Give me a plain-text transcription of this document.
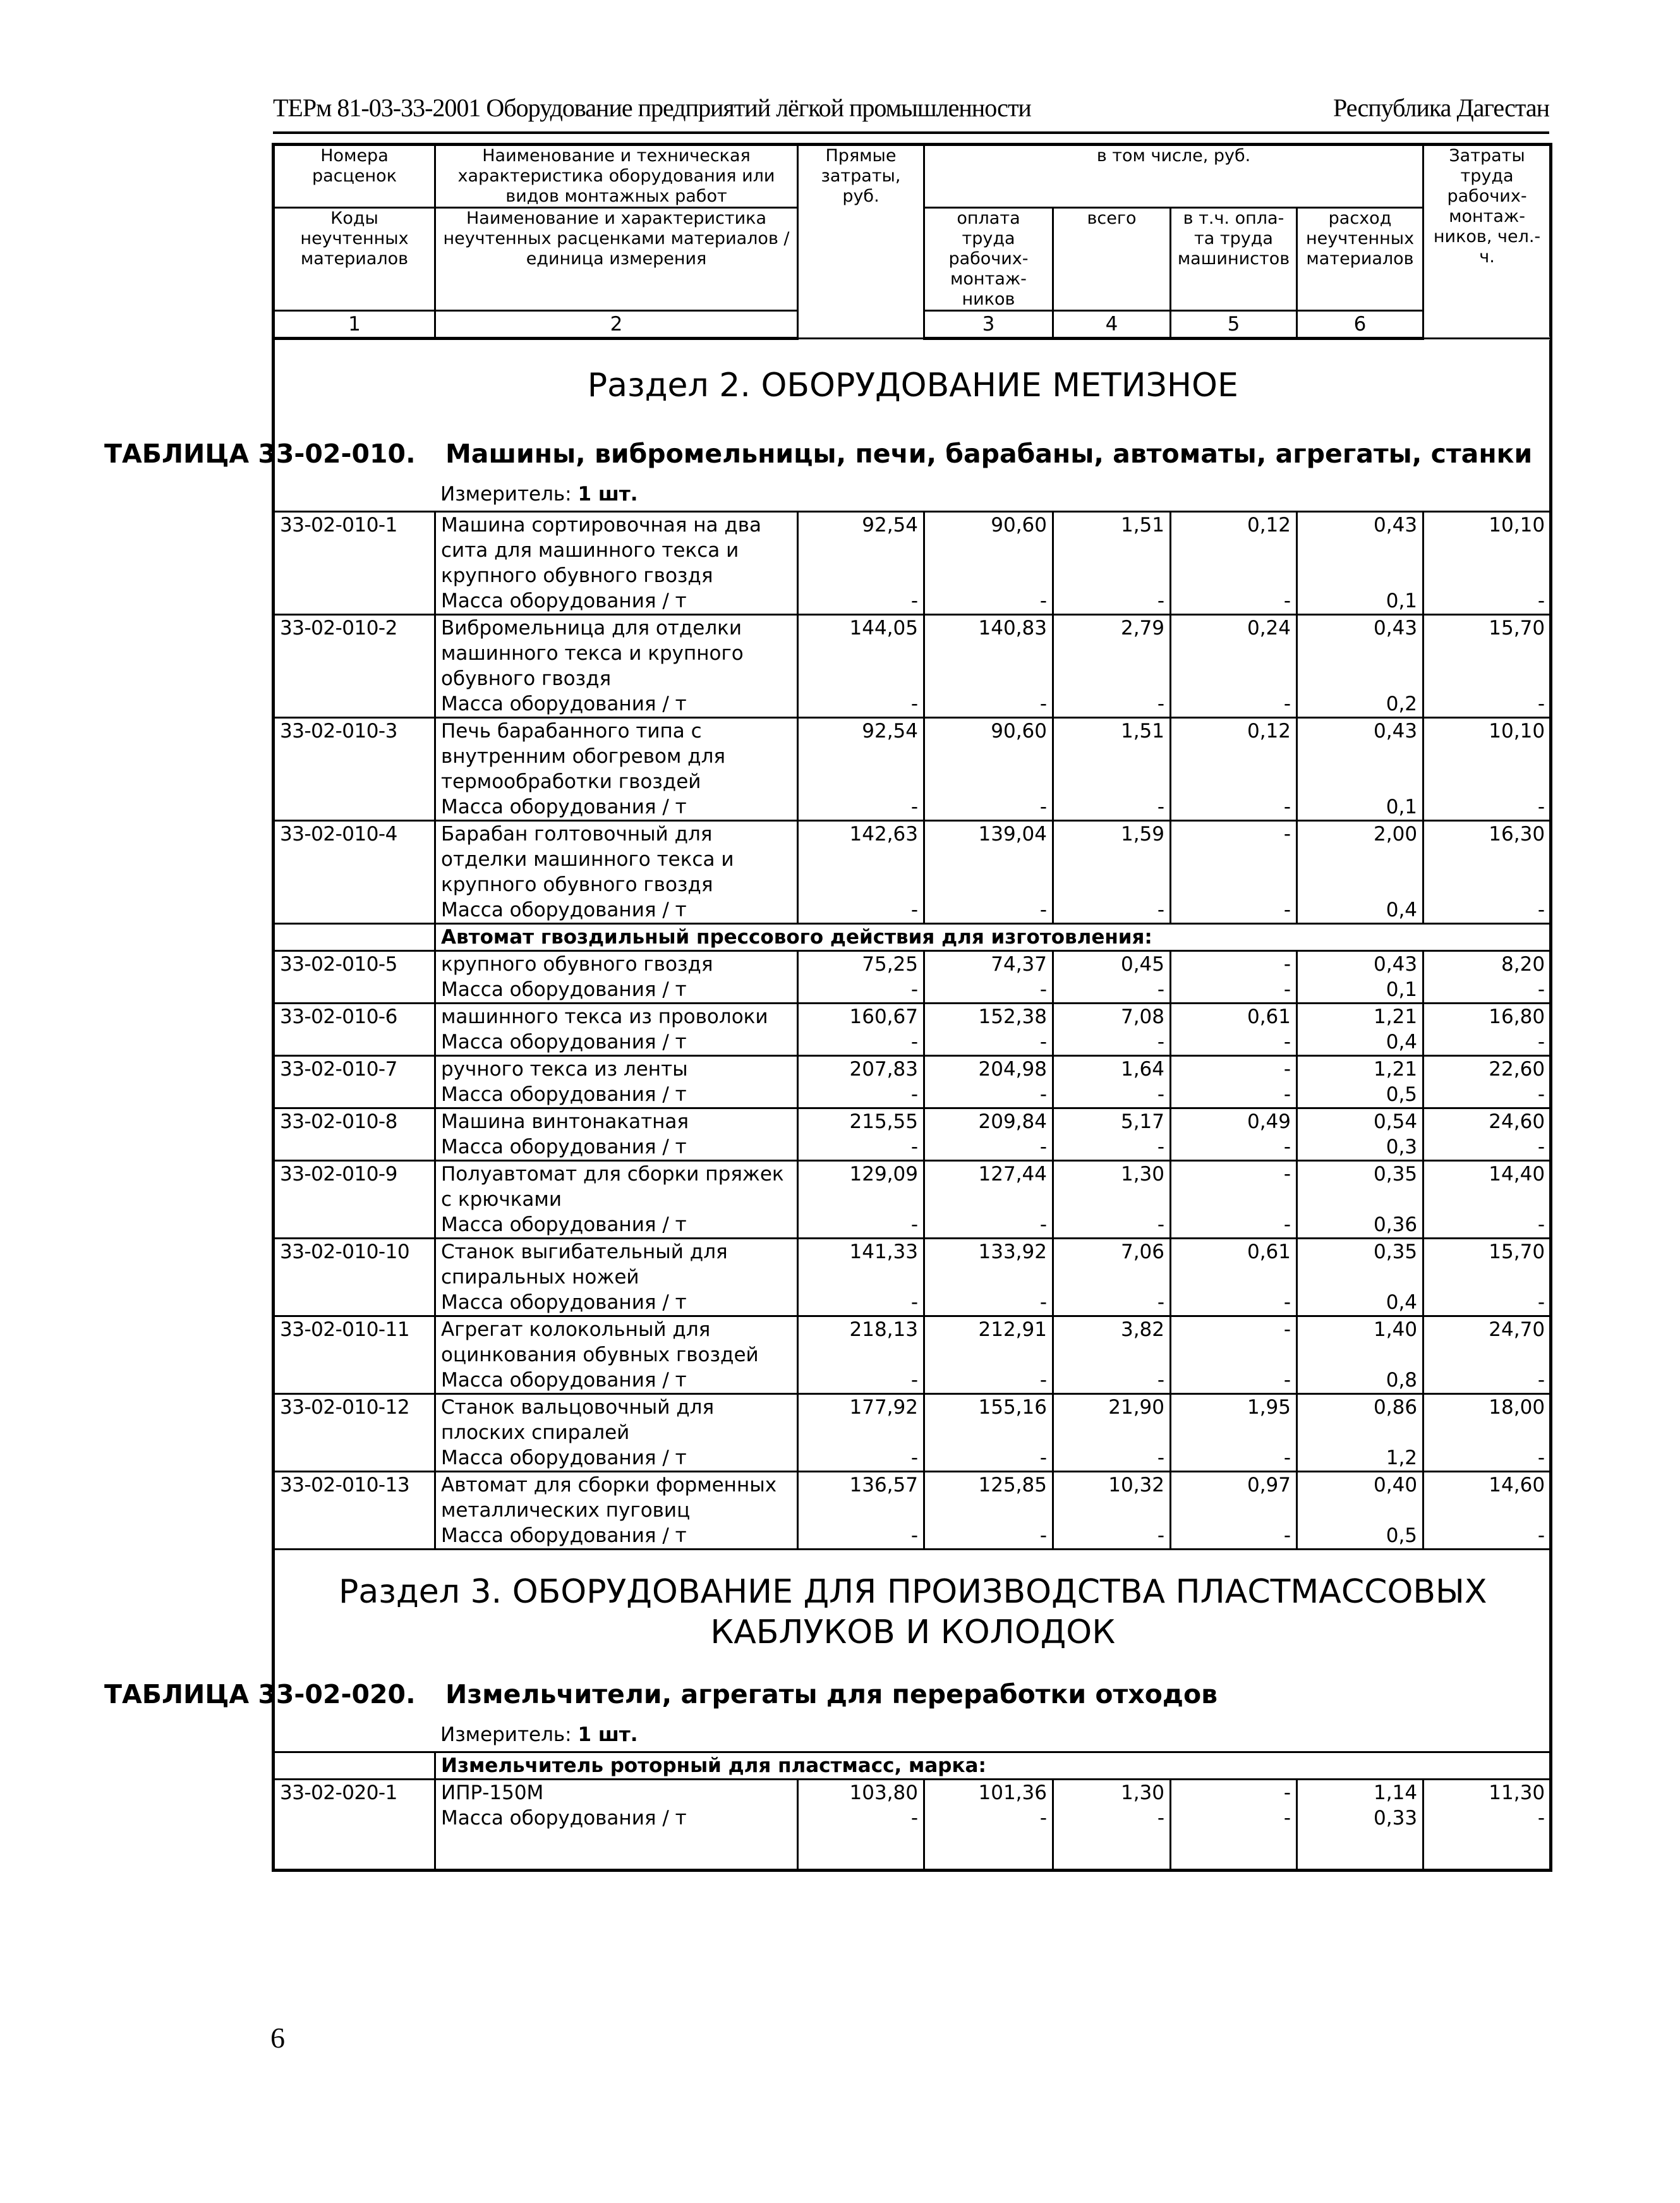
ТЕРм 81-03-33-2001 Оборудование предприятий лёгкой промышленности	Республика Дагестан
Номера расценок	Наименование и техническая характеристика оборудования или видов монтажных работ	Прямые затраты, руб.	в том числе, руб.				Затраты труда рабочих-монтаж-ников, чел.-ч.	
Коды неучтенных материалов	Наименование и характеристика неучтенных расценками материалов / единица измерения		оплата труда рабочих-монтаж-ников	всего	в т.ч. опла-та труда машинистов	расход неучтенных материалов		
1	2		3	4	5	6		

Раздел 2. ОБОРУДОВАНИЕ МЕТИЗНОЕ
ТАБЛИЦА 33-02-010. Машины, вибромельницы, печи, барабаны, автоматы, агрегаты, станки
Измеритель: 1 шт.								

33-02-010-1	Машина сортировочная на два сита для машинного текса и крупного обувного гвоздя	92,54	90,60	1,51	0,12	0,43	10,10	
	Масса оборудования / т	-	-	-	-	0,1	-	
33-02-010-2	Вибромельница для отделки машинного текса и крупного обувного гвоздя	144,05	140,83	2,79	0,24	0,43	15,70	
	Масса оборудования / т	-	-	-	-	0,2	-	
33-02-010-3	Печь барабанного типа с внутренним обогревом для термообработки гвоздей	92,54	90,60	1,51	0,12	0,43	10,10	
	Масса оборудования / т	-	-	-	-	0,1	-	
33-02-010-4	Барабан голтовочный для отделки машинного текса и крупного обувного гвоздя	142,63	139,04	1,59	-	2,00	16,30	
	Масса оборудования / т	-	-	-	-	0,4	-	
	Автомат гвоздильный прессового действия для изготовления:							
33-02-010-5	крупного обувного гвоздя	75,25	74,37	0,45	-	0,43	8,20	
	Масса оборудования / т	-	-	-	-	0,1	-	
33-02-010-6	машинного текса из проволоки	160,67	152,38	7,08	0,61	1,21	16,80	
	Масса оборудования / т	-	-	-	-	0,4	-	
33-02-010-7	ручного текса из ленты	207,83	204,98	1,64	-	1,21	22,60	
	Масса оборудования / т	-	-	-	-	0,5	-	
33-02-010-8	Машина винтонакатная	215,55	209,84	5,17	0,49	0,54	24,60	
	Масса оборудования / т	-	-	-	-	0,3	-	
33-02-010-9	Полуавтомат для сборки пряжек с крючками	129,09	127,44	1,30	-	0,35	14,40	
	Масса оборудования / т	-	-	-	-	0,36	-	
33-02-010-10	Станок выгибательный для спиральных ножей	141,33	133,92	7,06	0,61	0,35	15,70	
	Масса оборудования / т	-	-	-	-	0,4	-	
33-02-010-11	Агрегат колокольный для оцинкования обувных гвоздей	218,13	212,91	3,82	-	1,40	24,70	
	Масса оборудования / т	-	-	-	-	0,8	-	
33-02-010-12	Станок вальцовочный для плоских спиралей	177,92	155,16	21,90	1,95	0,86	18,00	
	Масса оборудования / т	-	-	-	-	1,2	-	
33-02-010-13	Автомат для сборки форменных металлических пуговиц	136,57	125,85	10,32	0,97	0,40	14,60	
	Масса оборудования / т	-	-	-	-	0,5	-	

Раздел 3. ОБОРУДОВАНИЕ ДЛЯ ПРОИЗВОДСТВА ПЛАСТМАССОВЫХ
КАБЛУКОВ И КОЛОДОК
ТАБЛИЦА 33-02-020. Измельчители, агрегаты для переработки отходов
Измеритель: 1 шт.								

	Измельчитель роторный для пластмасс, марка:							
33-02-020-1	ИПР-150М	103,80	101,36	1,30	-	1,14	11,30	
	Масса оборудования / т	-	-	-	-	0,33	-	

6
